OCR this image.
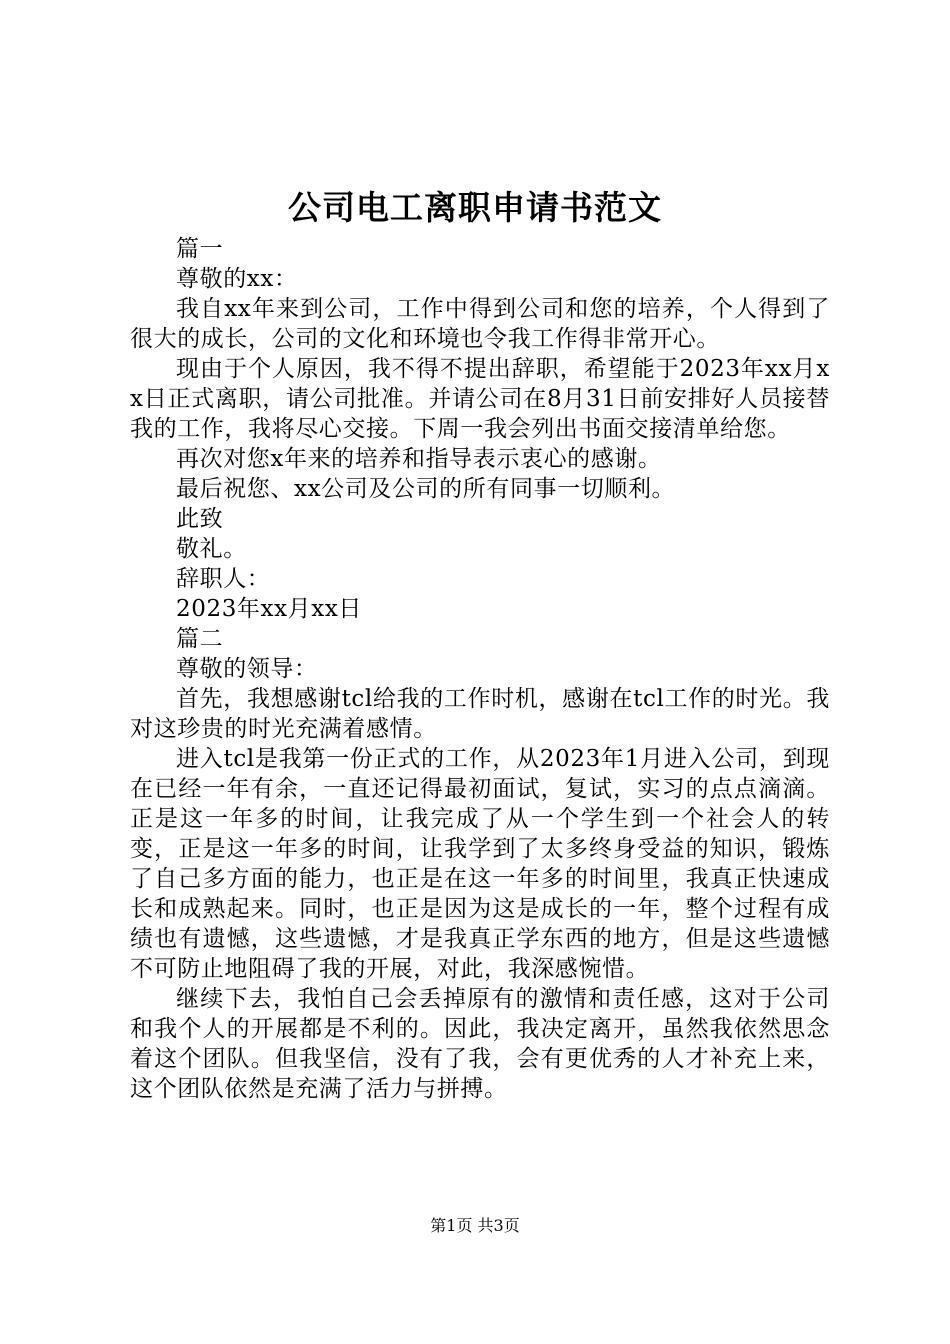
公司电工离职申请书范文

篇一

尊敬的xx：

我自xx年来到公司，工作中得到公司和您的培养，个人得到了很大的成长，公司的文化和环境也令我工作得非常开心。

现由于个人原因，我不得不提出辞职，希望能于2023年xx月xx日正式离职，请公司批准。并请公司在8月31日前安排好人员接替我的工作，我将尽心交接。下周一我会列出书面交接清单给您。

再次对您x年来的培养和指导表示衷心的感谢。

最后祝您、xx公司及公司的所有同事一切顺利。

此致

敬礼。

辞职人：

2023年xx月xx日

篇二

尊敬的领导：

首先，我想感谢tcl给我的工作时机，感谢在tcl工作的时光。我对这珍贵的时光充满着感情。

进入tcl是我第一份正式的工作，从2023年1月进入公司，到现在已经一年有余，一直还记得最初面试，复试，实习的点点滴滴。正是这一年多的时间，让我完成了从一个学生到一个社会人的转变，正是这一年多的时间，让我学到了太多终身受益的知识，锻炼了自己多方面的能力，也正是在这一年多的时间里，我真正快速成长和成熟起来。同时，也正是因为这是成长的一年，整个过程有成绩也有遗憾，这些遗憾，才是我真正学东西的地方，但是这些遗憾不可防止地阻碍了我的开展，对此，我深感惋惜。

继续下去，我怕自己会丢掉原有的激情和责任感，这对于公司和我个人的开展都是不利的。因此，我决定离开，虽然我依然思念着这个团队。但我坚信，没有了我，会有更优秀的人才补充上来，这个团队依然是充满了活力与拼搏。

第1页 共3页
